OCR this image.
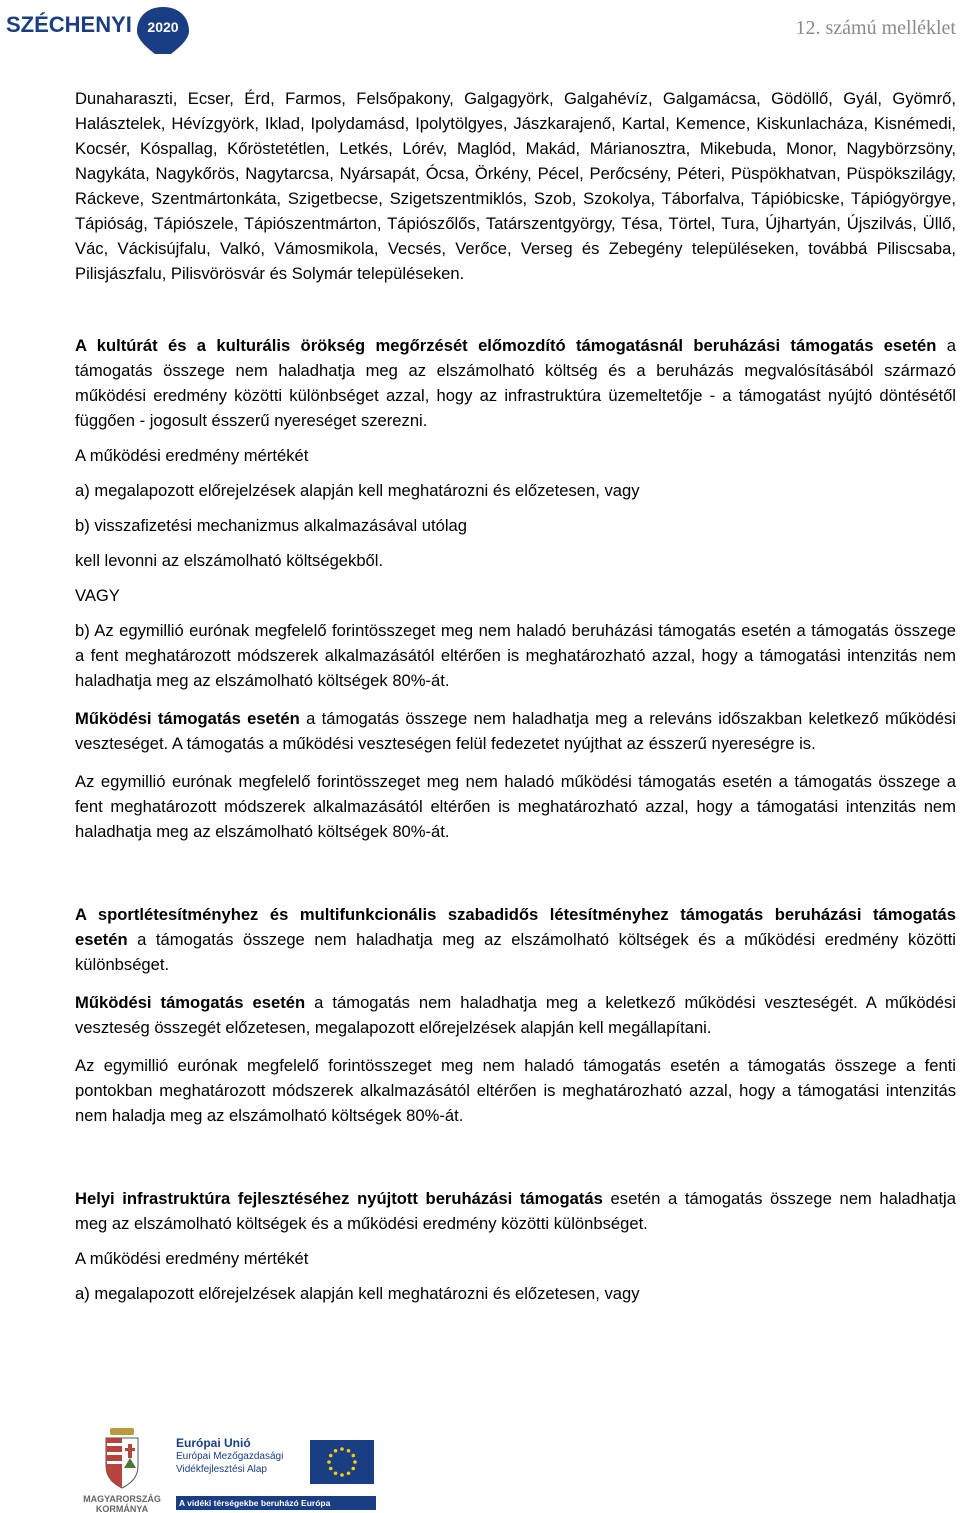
SZÉCHENYI 2020	12. számú melléklet

Dunaharaszti, Ecser, Érd, Farmos, Felsőpakony, Galgagyörk, Galgahévíz, Galgamácsa, Gödöllő, Gyál, Gyömrő, Halásztelek, Hévízgyörk, Iklad, Ipolydamásd, Ipolytölgyes, Jászkarajenő, Kartal, Kemence, Kiskunlacháza, Kisnémedi, Kocsér, Kóspallag, Kőröstetétlen, Letkés, Lórév, Maglód, Makád, Márianosztra, Mikebuda, Monor, Nagybörzsöny, Nagykáta, Nagykőrös, Nagytarcsa, Nyársapát, Ócsa, Örkény, Pécel, Perőcsény, Péteri, Püspökhatvan, Püspökszilágy, Ráckeve, Szentmártonkáta, Szigetbecse, Szigetszentmiklós, Szob, Szokolya, Táborfalva, Tápióbicske, Tápiógyörgye, Tápióság, Tápiószele, Tápiószentmárton, Tápiószőlős, Tatárszentgyörgy, Tésa, Törtel, Tura, Újhartyán, Újszilvás, Üllő, Vác, Váckisújfalu, Valkó, Vámosmikola, Vecsés, Verőce, Verseg és Zebegény településeken, továbbá Piliscsaba, Pilisjászfalu, Pilisvörösvár és Solymár településeken.

A kultúrát és a kulturális örökség megőrzését előmozdító támogatásnál beruházási támogatás esetén a támogatás összege nem haladhatja meg az elszámolható költség és a beruházás megvalósításából származó működési eredmény közötti különbséget azzal, hogy az infrastruktúra üzemeltetője - a támogatást nyújtó döntésétől függően - jogosult ésszerű nyereséget szerezni.

A működési eredmény mértékét

a) megalapozott előrejelzések alapján kell meghatározni és előzetesen, vagy

b) visszafizetési mechanizmus alkalmazásával utólag

kell levonni az elszámolható költségekből.

VAGY

b) Az egymillió eurónak megfelelő forintösszeget meg nem haladó beruházási támogatás esetén a támogatás összege a fent meghatározott módszerek alkalmazásától eltérően is meghatározható azzal, hogy a támogatási intenzitás nem haladhatja meg az elszámolható költségek 80%-át.

Működési támogatás esetén a támogatás összege nem haladhatja meg a releváns időszakban keletkező működési veszteséget. A támogatás a működési veszteségen felül fedezetet nyújthat az ésszerű nyereségre is.

Az egymillió eurónak megfelelő forintösszeget meg nem haladó működési támogatás esetén a támogatás összege a fent meghatározott módszerek alkalmazásától eltérően is meghatározható azzal, hogy a támogatási intenzitás nem haladhatja meg az elszámolható költségek 80%-át.

A sportlétesítményhez és multifunkcionális szabadidős létesítményhez támogatás beruházási támogatás esetén a támogatás összege nem haladhatja meg az elszámolható költségek és a működési eredmény közötti különbséget.

Működési támogatás esetén a támogatás nem haladhatja meg a keletkező működési veszteségét. A működési veszteség összegét előzetesen, megalapozott előrejelzések alapján kell megállapítani.

Az egymillió eurónak megfelelő forintösszeget meg nem haladó támogatás esetén a támogatás összege a fenti pontokban meghatározott módszerek alkalmazásától eltérően is meghatározható azzal, hogy a támogatási intenzitás nem haladja meg az elszámolható költségek 80%-át.

Helyi infrastruktúra fejlesztéséhez nyújtott beruházási támogatás esetén a támogatás összege nem haladhatja meg az elszámolható költségek és a működési eredmény közötti különbséget.

A működési eredmény mértékét

a) megalapozott előrejelzések alapján kell meghatározni és előzetesen, vagy

MAGYARORSZÁG
KORMÁNYA
Európai Unió
Európai Mezőgazdasági
Vidékfejlesztési Alap
A vidéki térségekbe beruházó Európa
